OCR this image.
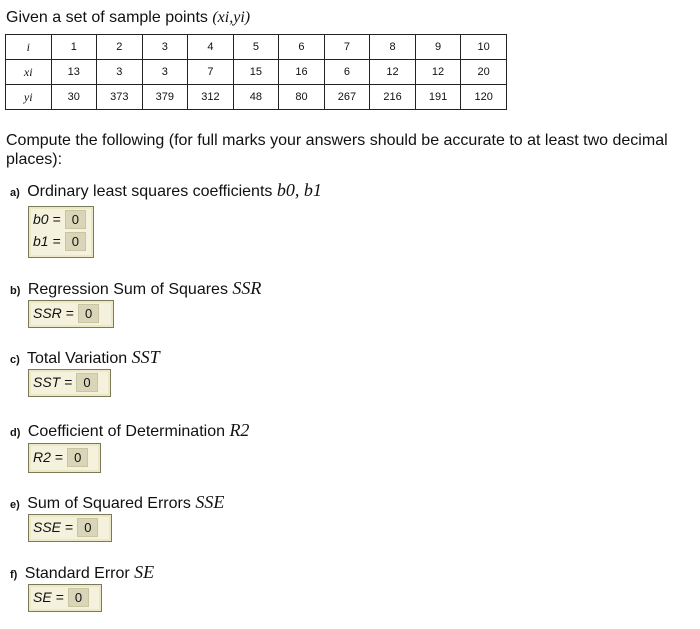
Given a set of sample points (xi,yi)
i	1	2	3	4	5	6	7	8	9	10
xi	13	3	3	7	15	16	6	12	12	20
yi	30	373	379	312	48	80	267	216	191	120
Compute the following (for full marks your answers should be accurate to at least two decimal places):
a) Ordinary least squares coefficients b0, b1
b0 = 0
b1 = 0
b) Regression Sum of Squares SSR
SSR = 0
c) Total Variation SST
SST = 0
d) Coefficient of Determination R2
R2 = 0
e) Sum of Squared Errors SSE
SSE = 0
f) Standard Error SE
SE = 0
